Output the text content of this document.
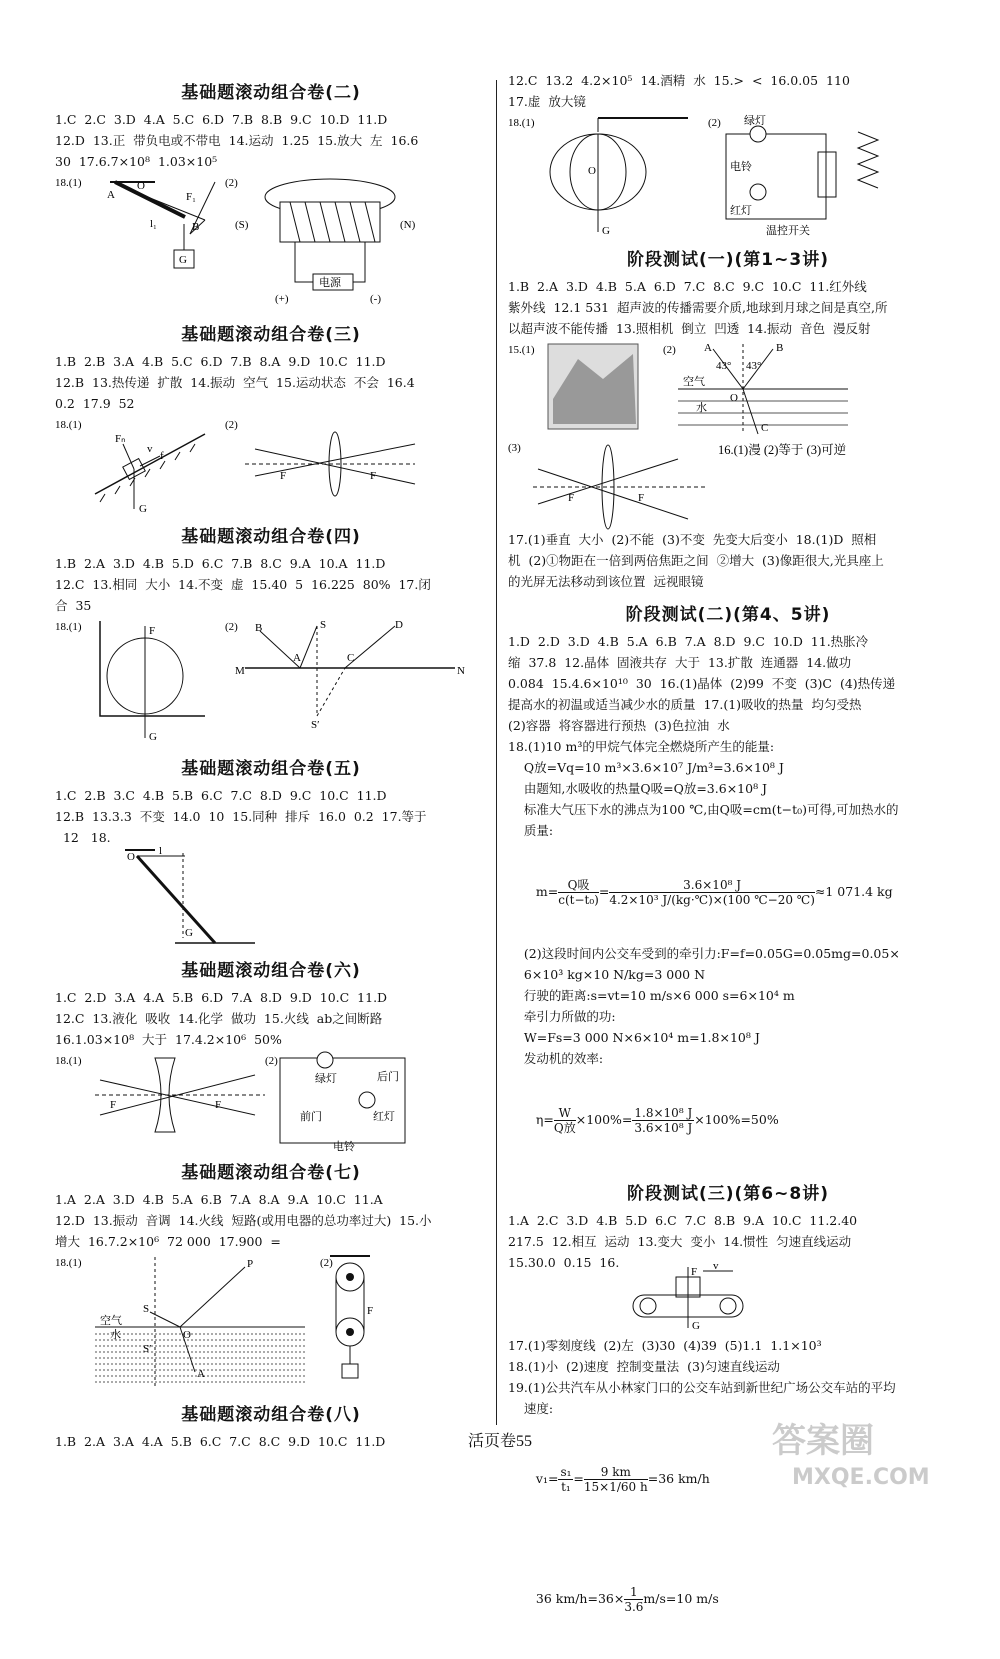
基础题滚动组合卷(二)
1.C  2.C  3.D  4.A  5.C  6.D  7.B  8.B  9.C  10.D  11.D
12.D  13.正  带负电或不带电  14.运动  1.25  15.放大  左  16.6
30  17.6.7×10⁸  1.03×10⁵
18.(1)
A
O
F₁
B
l₁
G
(2)
(S)	(N)
电源
(+)	(-)
基础题滚动组合卷(三)
1.B  2.B  3.A  4.B  5.C  6.D  7.B  8.A  9.D  10.C  11.D
12.B  13.热传递  扩散  14.振动  空气  15.运动状态  不会  16.4
0.2  17.9  52
18.(1)
Fₙ
v
f
G
(2)
F	F
基础题滚动组合卷(四)
1.B  2.A  3.D  4.B  5.D  6.C  7.B  8.C  9.A  10.A  11.D
12.C  13.相同  大小  14.不变  虚  15.40  5  16.225  80%  17.闭
合  35
18.(1)	F
G
(2) B	S	D
A	C
M	N
S′
基础题滚动组合卷(五)
1.C  2.B  3.C  4.B  5.B  6.C  7.C  8.D  9.C  10.C  11.D
12.B  13.3.3  不变  14.0  10  15.同种  排斥  16.0  0.2  17.等于
12   18.
O l
G
基础题滚动组合卷(六)
1.C  2.D  3.A  4.A  5.B  6.D  7.A  8.D  9.D  10.C  11.D
12.C  13.液化  吸收  14.化学  做功  15.火线  ab之间断路
16.1.03×10⁸  大于  17.4.2×10⁶  50%
18.(1)
F	F
(2)
绿灯	后门
前门	红灯
电铃
基础题滚动组合卷(七)
1.A  2.A  3.D  4.B  5.A  6.B  7.A  8.A  9.A  10.C  11.A
12.D  13.振动  音调  14.火线  短路(或用电器的总功率过大)  15.小
增大  16.7.2×10⁶  72 000  17.900  =
18.(1)	P
S
空气
水	O
S′
A
(2)
F
基础题滚动组合卷(八)
1.B  2.A  3.A  4.A  5.B  6.C  7.C  8.C  9.D  10.C  11.D
12.C  13.2  4.2×10⁵  14.酒精  水  15.>  <  16.0.05  110
17.虚  放大镜
18.(1)
O
G
(2) 绿灯
电铃
红灯
温控开关
阶段测试(一)(第1~3讲)
1.B  2.A  3.D  4.B  5.A  6.D  7.C  8.C  9.C  10.C  11.红外线
紫外线  12.1 531  超声波的传播需要介质,地球到月球之间是真空,所
以超声波不能传播  13.照相机  倒立  凹透  14.振动  音色  漫反射
15.(1)	(2)	A	B
43° 43°
空气
水
O
C
(3)
F	F
16.(1)漫 (2)等于 (3)可逆
17.(1)垂直  大小  (2)不能  (3)不变  先变大后变小  18.(1)D  照相
机  (2)①物距在一倍到两倍焦距之间  ②增大  (3)像距很大,光具座上
的光屏无法移动到该位置  远视眼镜
阶段测试(二)(第4、5讲)
1.D  2.D  3.D  4.B  5.A  6.B  7.A  8.D  9.C  10.D  11.热胀冷
缩  37.8  12.晶体  固液共存  大于  13.扩散  连通器  14.做功
0.084  15.4.6×10¹⁰  30  16.(1)晶体  (2)99  不变  (3)C  (4)热传递
提高水的初温或适当减少水的质量  17.(1)吸收的热量  均匀受热
(2)容器  将容器进行预热  (3)色拉油  水
18.(1)10 m³的甲烷气体完全燃烧所产生的能量:
Q放=Vq=10 m³×3.6×10⁷ J/m³=3.6×10⁸ J
由题知,水吸收的热量Q吸=Q放=3.6×10⁸ J
标准大气压下水的沸点为100 ℃,由Q吸=cm(t−t₀)可得,可加热水的
质量:

$m= \frac{\text{Q吸}}{\text{c(t−t₀)}} = \frac{\text{3.6×10⁸ J}}{\text{4.2×10³ J/(kg·℃)×(100 ℃−20 ℃)}} \approx 1$ 071.4 kg

(2)这段时间内公交车受到的牵引力:F=f=0.05G=0.05mg=0.05×
6×10³ kg×10 N/kg=3 000 N
行驶的距离:s=vt=10 m/s×6 000 s=6×10⁴ m
牵引力所做的功:
W=Fs=3 000 N×6×10⁴ m=1.8×10⁸ J
发动机的效率:

$\eta= \frac{W}{\text{Q放}} \times 100\%= \frac{\text{1.8×10⁸ J}}{\text{3.6×10⁸ J}} \times 100\%=50\%$

阶段测试(三)(第6~8讲)
1.A  2.C  3.D  4.B  5.D  6.C  7.C  8.B  9.A  10.C  11.2.40
217.5  12.相互  运动  13.变大  变小  14.惯性  匀速直线运动
15.30.0  0.15  16.
F v
G
17.(1)零刻度线  (2)左  (3)30  (4)39  (5)1.1  1.1×10³
18.(1)小  (2)速度  控制变量法  (3)匀速直线运动
19.(1)公共汽车从小林家门口的公交车站到新世纪广场公交车站的平均
速度:

$v_1= \frac{\text{s₁}}{\text{t₁}} = \frac{9 km}{15\times 1/60 h} =36$ km/h

36 $km/h=36\times \frac{1}{3.6} m/s=10$ m/s

活页卷55	答案圈
MXQE.COM
